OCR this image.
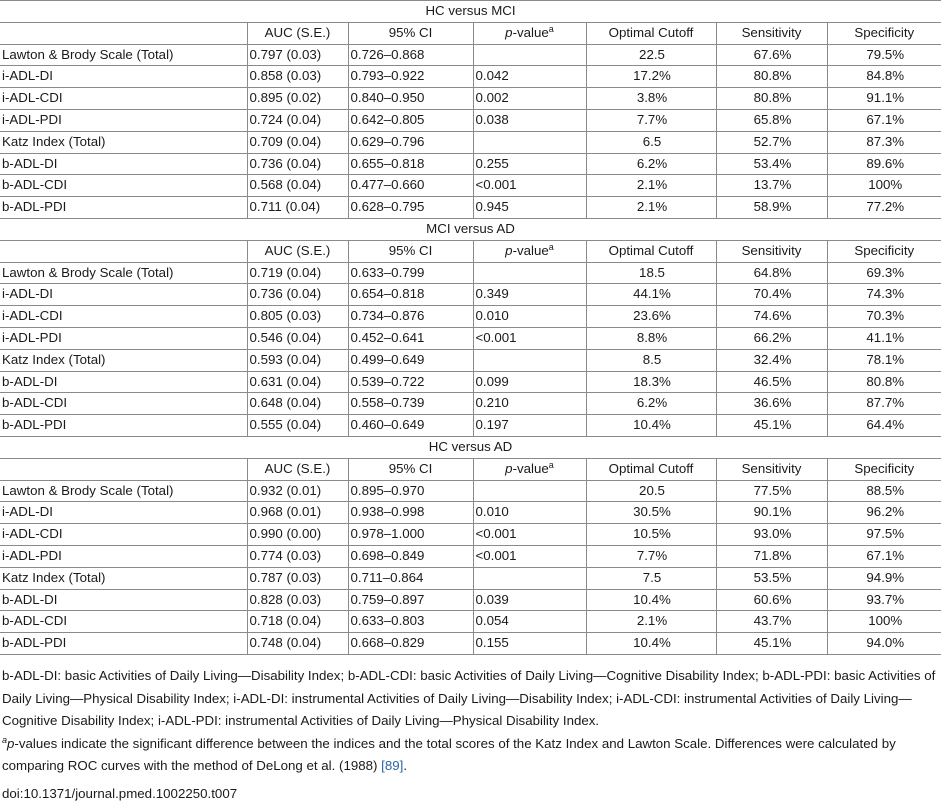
HC versus MCI						
	AUC (S.E.)	95% CI	p-value$^a$	Optimal Cutoff	Sensitivity	Specificity
Lawton & Brody Scale (Total)	0.797 (0.03)	0.726–0.868		22.5	67.6%	79.5%
i-ADL-DI	0.858 (0.03)	0.793–0.922	0.042	17.2%	80.8%	84.8%
i-ADL-CDI	0.895 (0.02)	0.840–0.950	0.002	3.8%	80.8%	91.1%
i-ADL-PDI	0.724 (0.04)	0.642–0.805	0.038	7.7%	65.8%	67.1%
Katz Index (Total)	0.709 (0.04)	0.629–0.796		6.5	52.7%	87.3%
b-ADL-DI	0.736 (0.04)	0.655–0.818	0.255	6.2%	53.4%	89.6%
b-ADL-CDI	0.568 (0.04)	0.477–0.660	<0.001	2.1%	13.7%	100%
b-ADL-PDI	0.711 (0.04)	0.628–0.795	0.945	2.1%	58.9%	77.2%
MCI versus AD						
	AUC (S.E.)	95% CI	p-value$^a$	Optimal Cutoff	Sensitivity	Specificity
Lawton & Brody Scale (Total)	0.719 (0.04)	0.633–0.799		18.5	64.8%	69.3%
i-ADL-DI	0.736 (0.04)	0.654–0.818	0.349	44.1%	70.4%	74.3%
i-ADL-CDI	0.805 (0.03)	0.734–0.876	0.010	23.6%	74.6%	70.3%
i-ADL-PDI	0.546 (0.04)	0.452–0.641	<0.001	8.8%	66.2%	41.1%
Katz Index (Total)	0.593 (0.04)	0.499–0.649		8.5	32.4%	78.1%
b-ADL-DI	0.631 (0.04)	0.539–0.722	0.099	18.3%	46.5%	80.8%
b-ADL-CDI	0.648 (0.04)	0.558–0.739	0.210	6.2%	36.6%	87.7%
b-ADL-PDI	0.555 (0.04)	0.460–0.649	0.197	10.4%	45.1%	64.4%
HC versus AD						
	AUC (S.E.)	95% CI	p-value$^a$	Optimal Cutoff	Sensitivity	Specificity
Lawton & Brody Scale (Total)	0.932 (0.01)	0.895–0.970		20.5	77.5%	88.5%
i-ADL-DI	0.968 (0.01)	0.938–0.998	0.010	30.5%	90.1%	96.2%
i-ADL-CDI	0.990 (0.00)	0.978–1.000	<0.001	10.5%	93.0%	97.5%
i-ADL-PDI	0.774 (0.03)	0.698–0.849	<0.001	7.7%	71.8%	67.1%
Katz Index (Total)	0.787 (0.03)	0.711–0.864		7.5	53.5%	94.9%
b-ADL-DI	0.828 (0.03)	0.759–0.897	0.039	10.4%	60.6%	93.7%
b-ADL-CDI	0.718 (0.04)	0.633–0.803	0.054	2.1%	43.7%	100%
b-ADL-PDI	0.748 (0.04)	0.668–0.829	0.155	10.4%	45.1%	94.0%

b-ADL-DI: basic Activities of Daily Living—Disability Index; b-ADL-CDI: basic Activities of Daily Living—Cognitive Disability Index; b-ADL-PDI: basic Activities of Daily Living—Physical Disability Index; i-ADL-DI: instrumental Activities of Daily Living—Disability Index; i-ADL-CDI: instrumental Activities of Daily Living—Cognitive Disability Index; i-ADL-PDI: instrumental Activities of Daily Living—Physical Disability Index.

$^a$p-values indicate the significant difference between the indices and the total scores of the Katz Index and Lawton Scale. Differences were calculated by comparing ROC curves with the method of DeLong et al. (1988) [89].

doi:10.1371/journal.pmed.1002250.t007
